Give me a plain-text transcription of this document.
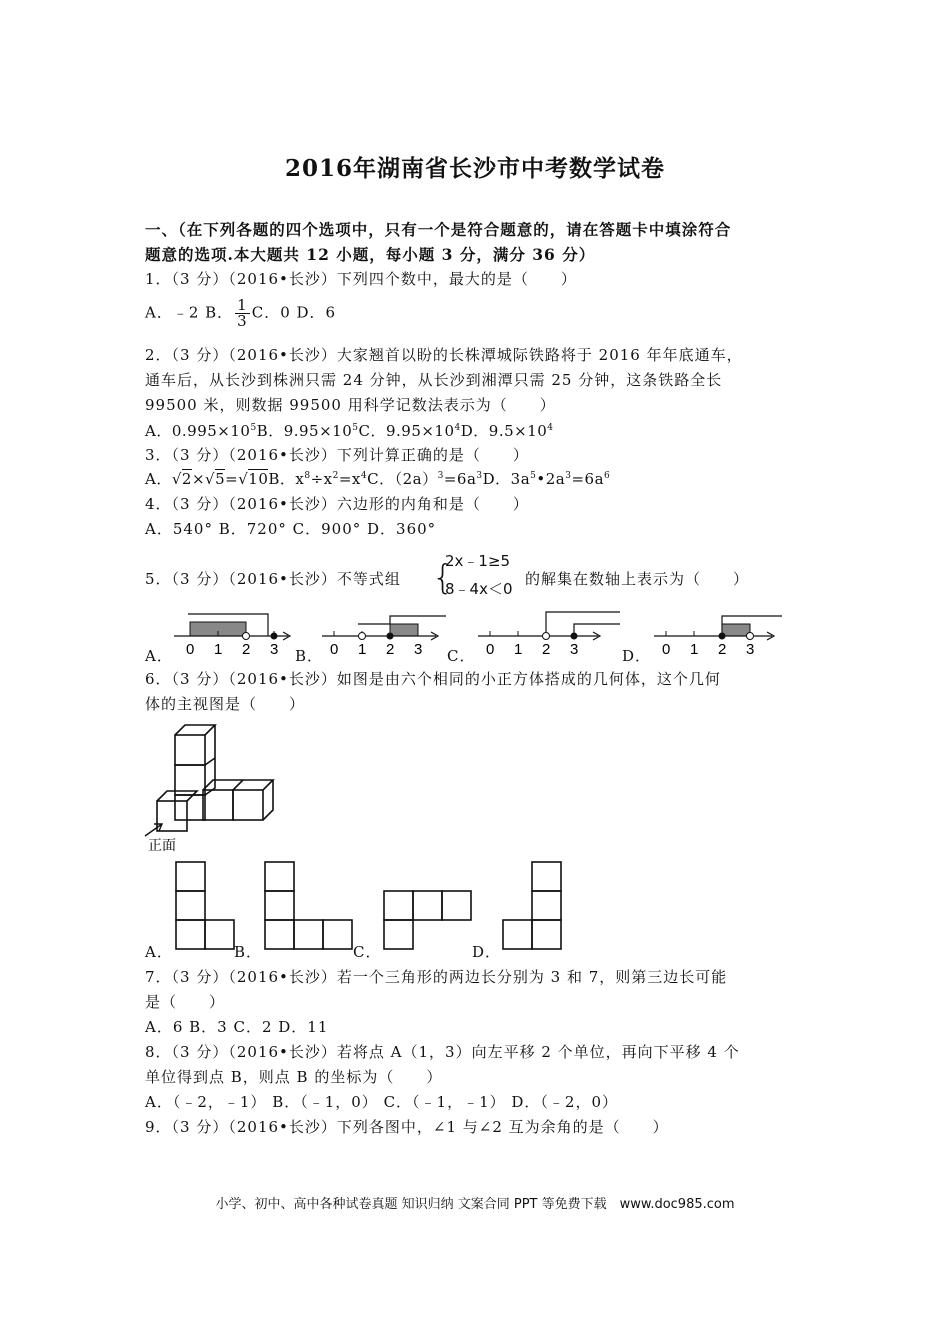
2016年湖南省长沙市中考数学试卷
一、（在下列各题的四个选项中，只有一个是符合题意的，请在答题卡中填涂符合
题意的选项.本大题共 12 小题，每小题 3 分，满分 36 分）
1．（3 分）（2016•长沙）下列四个数中，最大的是（　　）
A．﹣2 B． $\frac{1}{3}$ C．0 D．6
2．（3 分）（2016•长沙）大家翘首以盼的长株潭城际铁路将于 2016 年年底通车，
通车后，从长沙到株洲只需 24 分钟，从长沙到湘潭只需 25 分钟，这条铁路全长
99500 米，则数据 99500 用科学记数法表示为（　　）
A．$0.995\times 10^5B$．$9.95\times 10^5C$．$9.95\times 10^4D$．$9.5\times 10^4$
3．（3 分）（2016•长沙）下列计算正确的是（　　）
A．√2×√5=√10B．$x^8\div x^2=x^4C$．$(2a)^3=6a^3D$．$3a^5•2a^3=6a^6$
4．（3 分）（2016•长沙）六边形的内角和是（　　）
A．540° B．720° C．900° D．360°
5．（3 分）（2016•长沙）不等式组 {
2x﹣1≥5
8﹣4x＜0
的解集在数轴上表示为（　　）
A．	B．	C．	D．
0 1 2 3	0 1 2 3	0 1 2 3	0 1 2 3
6．（3 分）（2016•长沙）如图是由六个相同的小正方体搭成的几何体，这个几何
体的主视图是（　　）
正面
A．	B．	C．	D．
7．（3 分）（2016•长沙）若一个三角形的两边长分别为 3 和 7，则第三边长可能
是（　　）
A．6 B．3 C．2 D．11
8．（3 分）（2016•长沙）若将点 A（1，3）向左平移 2 个单位，再向下平移 4 个
单位得到点 B，则点 B 的坐标为（　　）
A．（﹣2，﹣1） B．（﹣1，0） C．（﹣1，﹣1） D．（﹣2，0）
9．（3 分）（2016•长沙）下列各图中，∠1 与∠2 互为余角的是（　　）
小学、初中、高中各种试卷真题 知识归纳 文案合同 PPT 等免费下载　www.doc985.com
